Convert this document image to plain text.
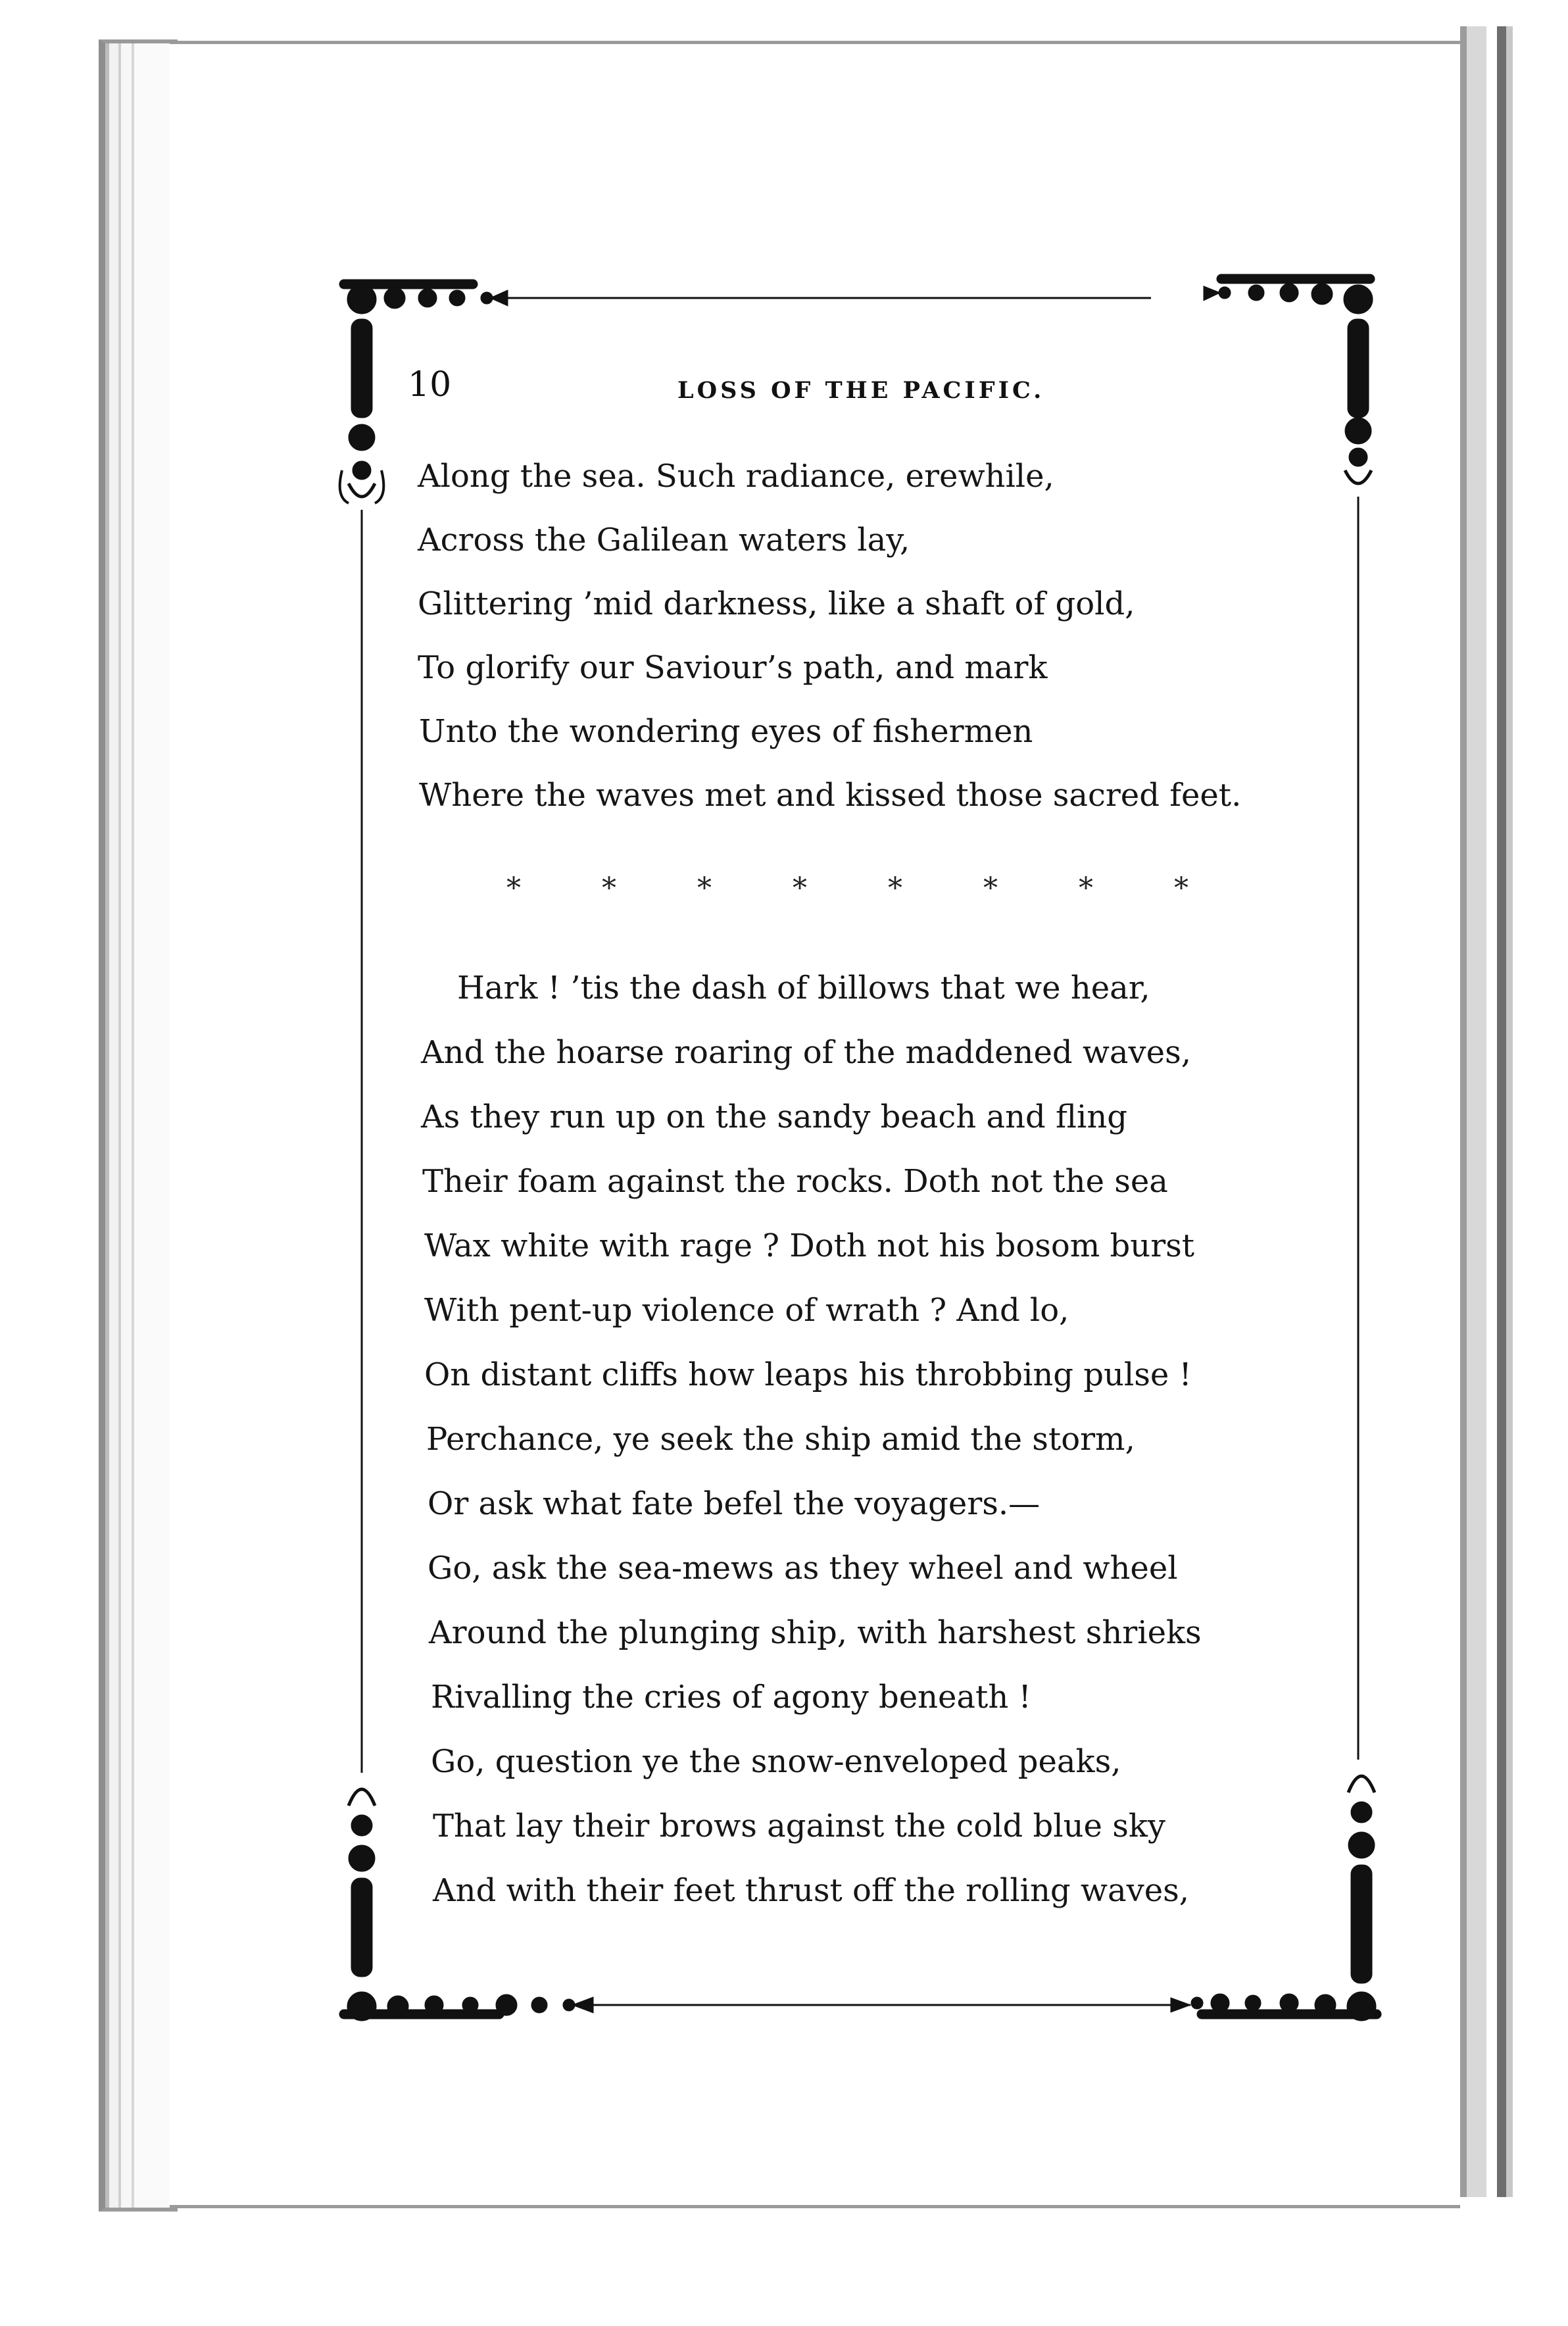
10	LOSS OF THE PACIFIC.
Along the sea. Such radiance, erewhile,
Across the Galilean waters lay,
Glittering ’mid darkness, like a shaft of gold,
To glorify our Saviour’s path, and mark
Unto the wondering eyes of fishermen
Where the waves met and kissed those sacred feet.
*	*	*	*	*	*	*	*
Hark ! ’tis the dash of billows that we hear,
And the hoarse roaring of the maddened waves,
As they run up on the sandy beach and fling
Their foam against the rocks. Doth not the sea
Wax white with rage ? Doth not his bosom burst
With pent-up violence of wrath ? And lo,
On distant cliffs how leaps his throbbing pulse !
Perchance, ye seek the ship amid the storm,
Or ask what fate befel the voyagers.—
Go, ask the sea-mews as they wheel and wheel
Around the plunging ship, with harshest shrieks
Rivalling the cries of agony beneath !
Go, question ye the snow-enveloped peaks,
That lay their brows against the cold blue sky
And with their feet thrust off the rolling waves,
